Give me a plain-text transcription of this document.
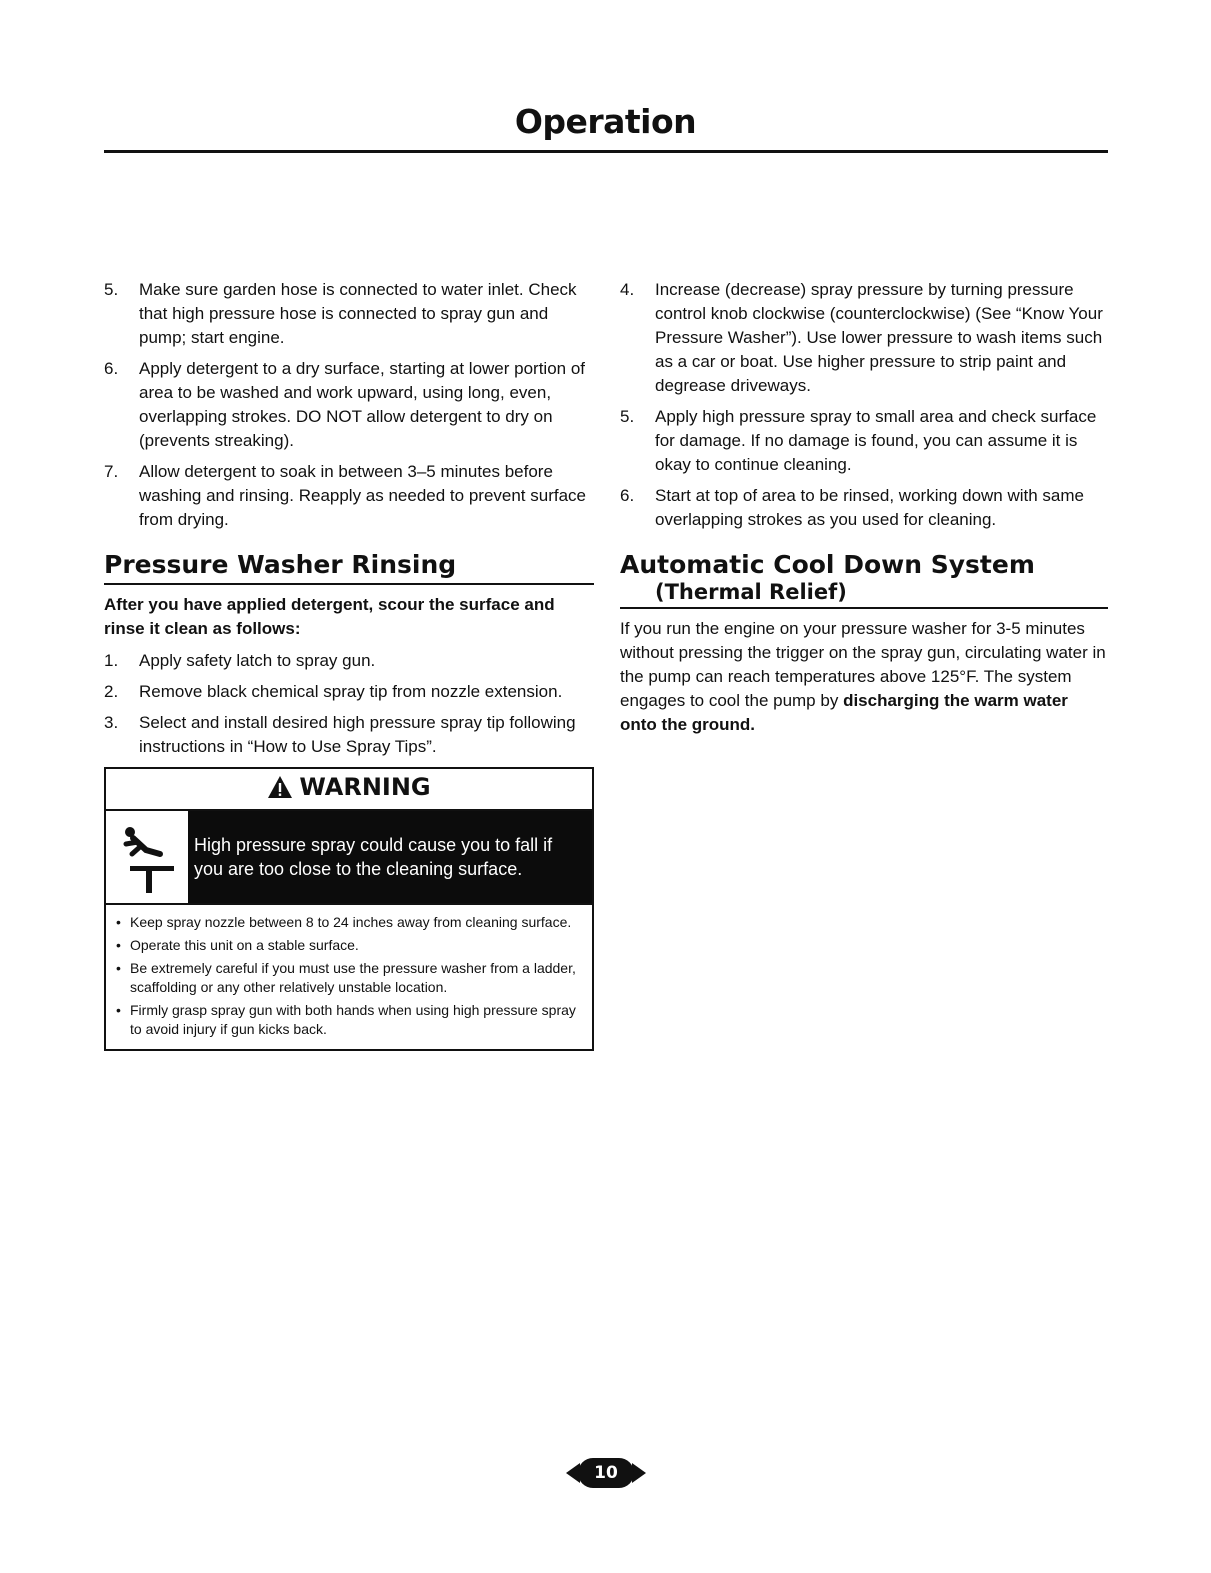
Operation
5. Make sure garden hose is connected to water inlet. Check that high pressure hose is connected to spray gun and pump; start engine.
6. Apply detergent to a dry surface, starting at lower portion of area to be washed and work upward, using long, even, overlapping strokes. DO NOT allow detergent to dry on (prevents streaking).
7. Allow detergent to soak in between 3–5 minutes before washing and rinsing. Reapply as needed to prevent surface from drying.
Pressure Washer Rinsing
After you have applied detergent, scour the surface and rinse it clean as follows:
1. Apply safety latch to spray gun.
2. Remove black chemical spray tip from nozzle extension.
3. Select and install desired high pressure spray tip following instructions in “How to Use Spray Tips”.
WARNING
High pressure spray could cause you to fall if you are too close to the cleaning surface.
• Keep spray nozzle between 8 to 24 inches away from cleaning surface.
• Operate this unit on a stable surface.
• Be extremely careful if you must use the pressure washer from a ladder, scaffolding or any other relatively unstable location.
• Firmly grasp spray gun with both hands when using high pressure spray to avoid injury if gun kicks back.
4. Increase (decrease) spray pressure by turning pressure control knob clockwise (counterclockwise) (See “Know Your Pressure Washer”). Use lower pressure to wash items such as a car or boat. Use higher pressure to strip paint and degrease driveways.
5. Apply high pressure spray to small area and check surface for damage. If no damage is found, you can assume it is okay to continue cleaning.
6. Start at top of area to be rinsed, working down with same overlapping strokes as you used for cleaning.
Automatic Cool Down System
(Thermal Relief)

If you run the engine on your pressure washer for 3-5 minutes without pressing the trigger on the spray gun, circulating water in the pump can reach temperatures above 125°F. The system engages to cool the pump by discharging the warm water onto the ground.

10
